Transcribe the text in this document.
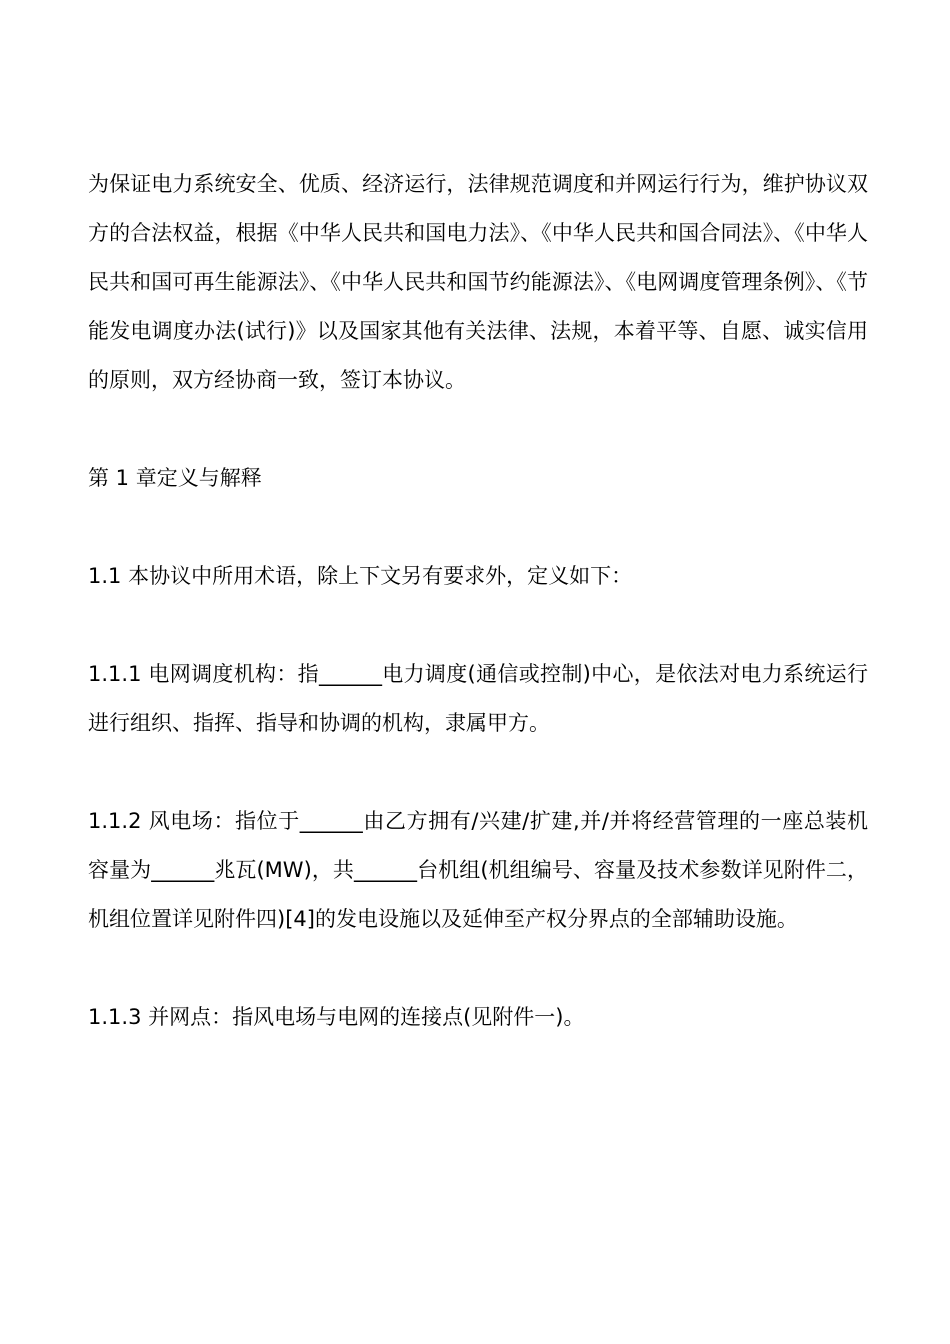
为保证电力系统安全、优质、经济运行，法律规范调度和并网运行行为，维护协议双方的合法权益，根据《中华人民共和国电力法》、《中华人民共和国合同法》、《中华人民共和国可再生能源法》、《中华人民共和国节约能源法》、《电网调度管理条例》、《节能发电调度办法(试行)》以及国家其他有关法律、法规，本着平等、自愿、诚实信用的原则，双方经协商一致，签订本协议。

第 1 章定义与解释

1.1 本协议中所用术语，除上下文另有要求外，定义如下：

1.1.1 电网调度机构：指______电力调度(通信或控制)中心，是依法对电力系统运行进行组织、指挥、指导和协调的机构，隶属甲方。

1.1.2 风电场：指位于______由乙方拥有/兴建/扩建,并/并将经营管理的一座总装机容量为______兆瓦(MW)，共______台机组(机组编号、容量及技术参数详见附件二，机组位置详见附件四)[4]的发电设施以及延伸至产权分界点的全部辅助设施。

1.1.3 并网点：指风电场与电网的连接点(见附件一)。
